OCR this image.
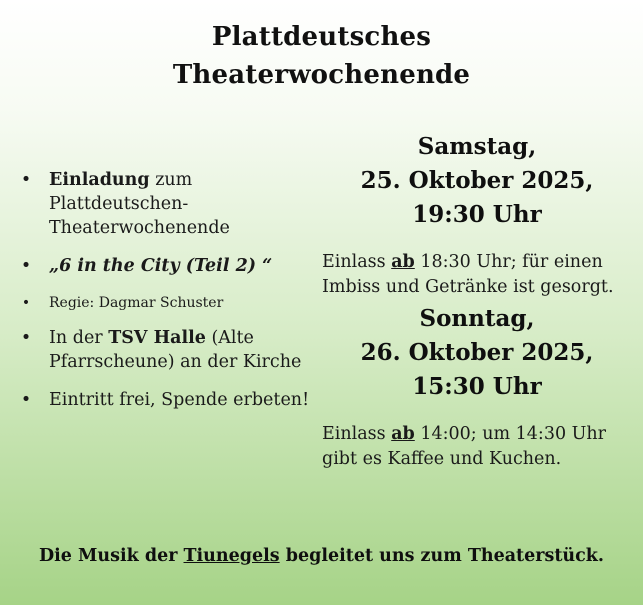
Plattdeutsches
Theaterwochenende
• Einladung zum Plattdeutschen-Theaterwochenende
• „6 in the City (Teil 2) “
• Regie: Dagmar Schuster
• In der TSV Halle (Alte Pfarrscheune) an der Kirche
• Eintritt frei, Spende erbeten!
Samstag,
25. Oktober 2025,
19:30 Uhr
Einlass ab 18:30 Uhr; für einen Imbiss und Getränke ist gesorgt.
Sonntag,
26. Oktober 2025,
15:30 Uhr
Einlass ab 14:00; um 14:30 Uhr gibt es Kaffee und Kuchen.
Die Musik der Tiunegels begleitet uns zum Theaterstück.
